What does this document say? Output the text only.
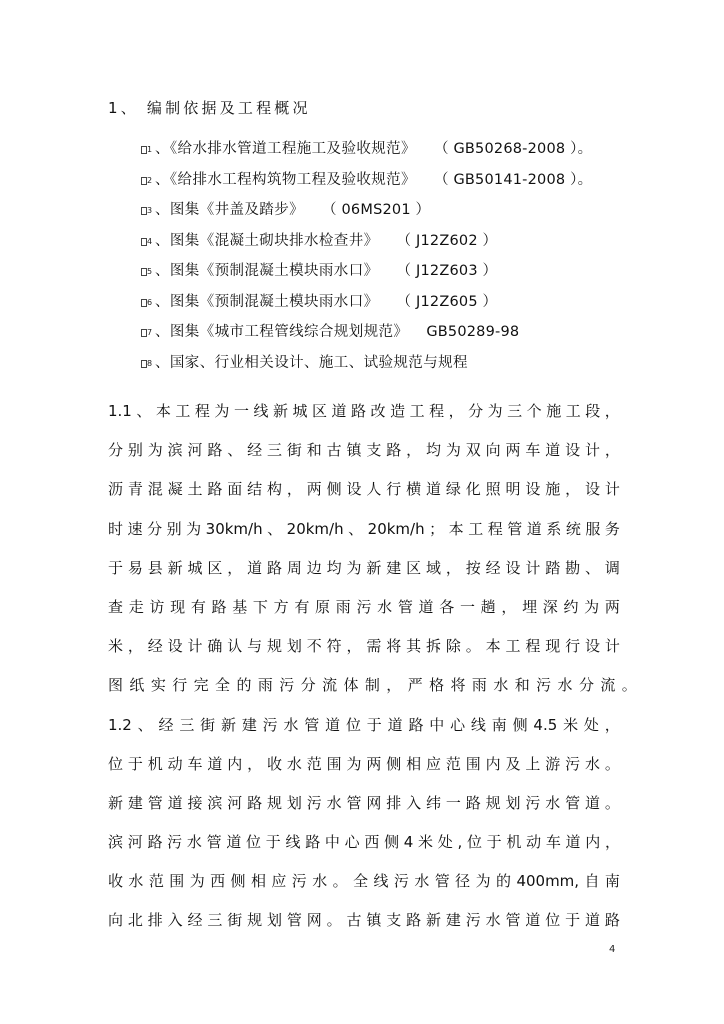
1、 编制依据及工程概况
1 、《给水排水管道工程施工及验收规范》 （ GB50268-2008 ）。
2 、《给排水工程构筑物工程及验收规范》 （ GB50141-2008 ）。
3 、图集《井盖及踏步》 （ 06MS201 ）
4 、图集《混凝土砌块排水检查井》 （ J12Z602 ）
5 、图集《预制混凝土模块雨水口》 （ J12Z603 ）
6 、图集《预制混凝土模块雨水口》 （ J12Z605 ）
7 、图集《城市工程管线综合规划规范》 GB50289-98
8 、国家、行业相关设计、施工、试验规范与规程
1.1 、 本 工 程 为 一 线 新 城 区 道 路 改 造 工 程 ， 分 为 三 个 施 工 段 ，
分 别 为 滨 河 路 、 经 三 街 和 古 镇 支 路 ， 均 为 双 向 两 车 道 设 计 ，
沥 青 混 凝 土 路 面 结 构 ， 两 侧 设 人 行 横 道 绿 化 照 明 设 施 ， 设 计
时 速 分 别 为 30km/h 、 20km/h 、 20km/h ； 本 工 程 管 道 系 统 服 务
于 易 县 新 城 区 ， 道 路 周 边 均 为 新 建 区 域 ， 按 经 设 计 踏 勘 、 调
查 走 访 现 有 路 基 下 方 有 原 雨 污 水 管 道 各 一 趟 ， 埋 深 约 为 两
米 ， 经 设 计 确 认 与 规 划 不 符 ， 需 将 其 拆 除 。 本 工 程 现 行 设 计
图 纸 实 行 完 全 的 雨 污 分 流 体 制 ， 严 格 将 雨 水 和 污 水 分 流 。
1.2 、 经 三 街 新 建 污 水 管 道 位 于 道 路 中 心 线 南 侧 4.5 米 处 ，
位 于 机 动 车 道 内 ， 收 水 范 围 为 两 侧 相 应 范 围 内 及 上 游 污 水 。
新 建 管 道 接 滨 河 路 规 划 污 水 管 网 排 入 纬 一 路 规 划 污 水 管 道 。
滨 河 路 污 水 管 道 位 于 线 路 中 心 西 侧 4 米 处 , 位 于 机 动 车 道 内 ，
收 水 范 围 为 西 侧 相 应 污 水 。 全 线 污 水 管 径 为 的 400mm, 自 南
向 北 排 入 经 三 街 规 划 管 网 。 古 镇 支 路 新 建 污 水 管 道 位 于 道 路
4
